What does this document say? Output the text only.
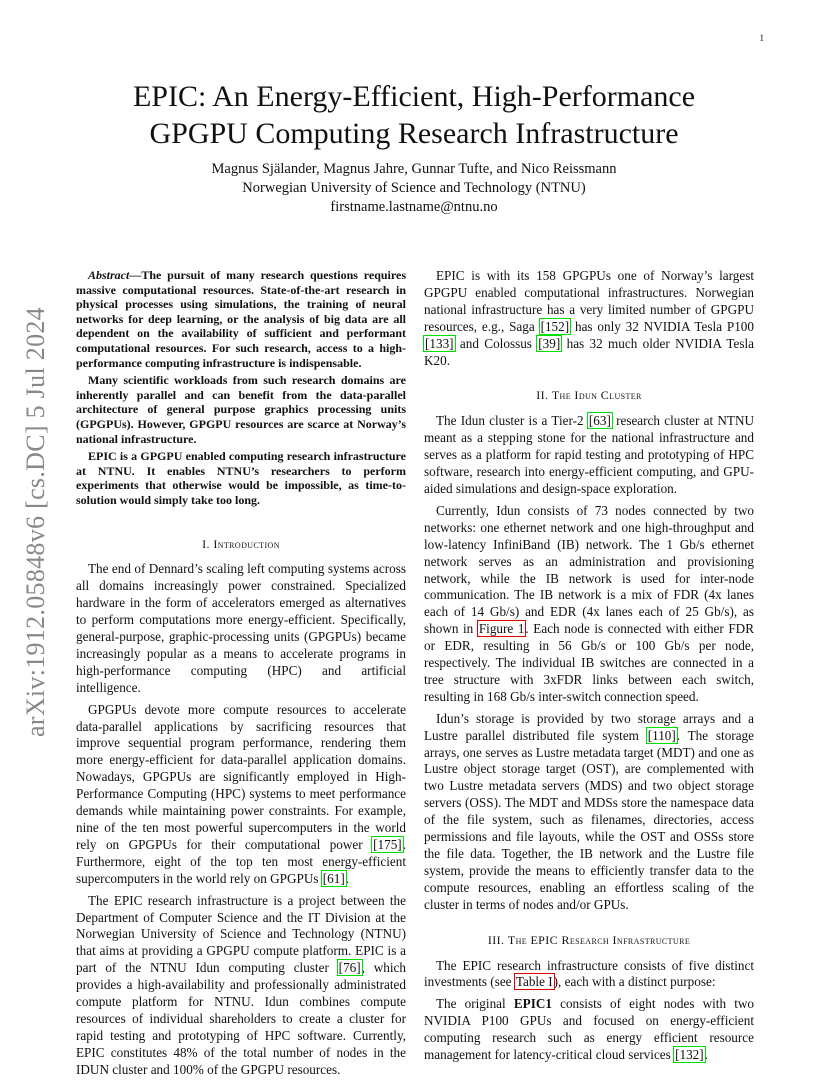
1
arXiv:1912.05848v6 [cs.DC] 5 Jul 2024
EPIC: An Energy-Efficient, High-Performance
GPGPU Computing Research Infrastructure
Magnus Själander, Magnus Jahre, Gunnar Tufte, and Nico Reissmann
Norwegian University of Science and Technology (NTNU)
firstname.lastname@ntnu.no

Abstract—The pursuit of many research questions requires massive computational resources. State-of-the-art research in physical processes using simulations, the training of neural networks for deep learning, or the analysis of big data are all dependent on the availability of sufficient and performant computational resources. For such research, access to a high-performance computing infrastructure is indispensable.

Many scientific workloads from such research domains are inherently parallel and can benefit from the data-parallel architecture of general purpose graphics processing units (GPGPUs). However, GPGPU resources are scarce at Norway’s national infrastructure.

EPIC is a GPGPU enabled computing research infrastructure at NTNU. It enables NTNU’s researchers to perform experiments that otherwise would be impossible, as time-to-solution would simply take too long.

I. Introduction

The end of Dennard’s scaling left computing systems across all domains increasingly power constrained. Specialized hardware in the form of accelerators emerged as alternatives to perform computations more energy-efficient. Specifically, general-purpose, graphic-processing units (GPGPUs) became increasingly popular as a means to accelerate programs in high-performance computing (HPC) and artificial intelligence.

GPGPUs devote more compute resources to accelerate data-parallel applications by sacrificing resources that improve sequential program performance, rendering them more energy-efficient for data-parallel application domains. Nowadays, GPGPUs are significantly employed in High-Performance Computing (HPC) systems to meet performance demands while maintaining power constraints. For example, nine of the ten most powerful supercomputers in the world rely on GPGPUs for their computational power [175]. Furthermore, eight of the top ten most energy-efficient supercomputers in the world rely on GPGPUs [61].

The EPIC research infrastructure is a project between the Department of Computer Science and the IT Division at the Norwegian University of Science and Technology (NTNU) that aims at providing a GPGPU compute platform. EPIC is a part of the NTNU Idun computing cluster [76], which provides a high-availability and professionally administrated compute platform for NTNU. Idun combines compute resources of individual shareholders to create a cluster for rapid testing and prototyping of HPC software. Currently, EPIC constitutes 48% of the total number of nodes in the IDUN cluster and 100% of the GPGPU resources.

EPIC is with its 158 GPGPUs one of Norway’s largest GPGPU enabled computational infrastructures. Norwegian national infrastructure has a very limited number of GPGPU resources, e.g., Saga [152] has only 32 NVIDIA Tesla P100 [133] and Colossus [39] has 32 much older NVIDIA Tesla K20.

II. The Idun Cluster

The Idun cluster is a Tier-2 [63] research cluster at NTNU meant as a stepping stone for the national infrastructure and serves as a platform for rapid testing and prototyping of HPC software, research into energy-efficient computing, and GPU-aided simulations and design-space exploration.

Currently, Idun consists of 73 nodes connected by two networks: one ethernet network and one high-throughput and low-latency InfiniBand (IB) network. The 1 Gb/s ethernet network serves as an administration and provisioning network, while the IB network is used for inter-node communication. The IB network is a mix of FDR (4x lanes each of 14 Gb/s) and EDR (4x lanes each of 25 Gb/s), as shown in Figure 1. Each node is connected with either FDR or EDR, resulting in 56 Gb/s or 100 Gb/s per node, respectively. The individual IB switches are connected in a tree structure with 3xFDR links between each switch, resulting in 168 Gb/s inter-switch connection speed.

Idun’s storage is provided by two storage arrays and a Lustre parallel distributed file system [110]. The storage arrays, one serves as Lustre metadata target (MDT) and one as Lustre object storage target (OST), are complemented with two Lustre metadata servers (MDS) and two object storage servers (OSS). The MDT and MDSs store the namespace data of the file system, such as filenames, directories, access permissions and file layouts, while the OST and OSSs store the file data. Together, the IB network and the Lustre file system, provide the means to efficiently transfer data to the compute resources, enabling an effortless scaling of the cluster in terms of nodes and/or GPUs.

III. The EPIC Research Infrastructure

The EPIC research infrastructure consists of five distinct investments (see Table I), each with a distinct purpose:

The original EPIC1 consists of eight nodes with two NVIDIA P100 GPUs and focused on energy-efficient computing research such as energy efficient resource management for latency-critical cloud services [132].
